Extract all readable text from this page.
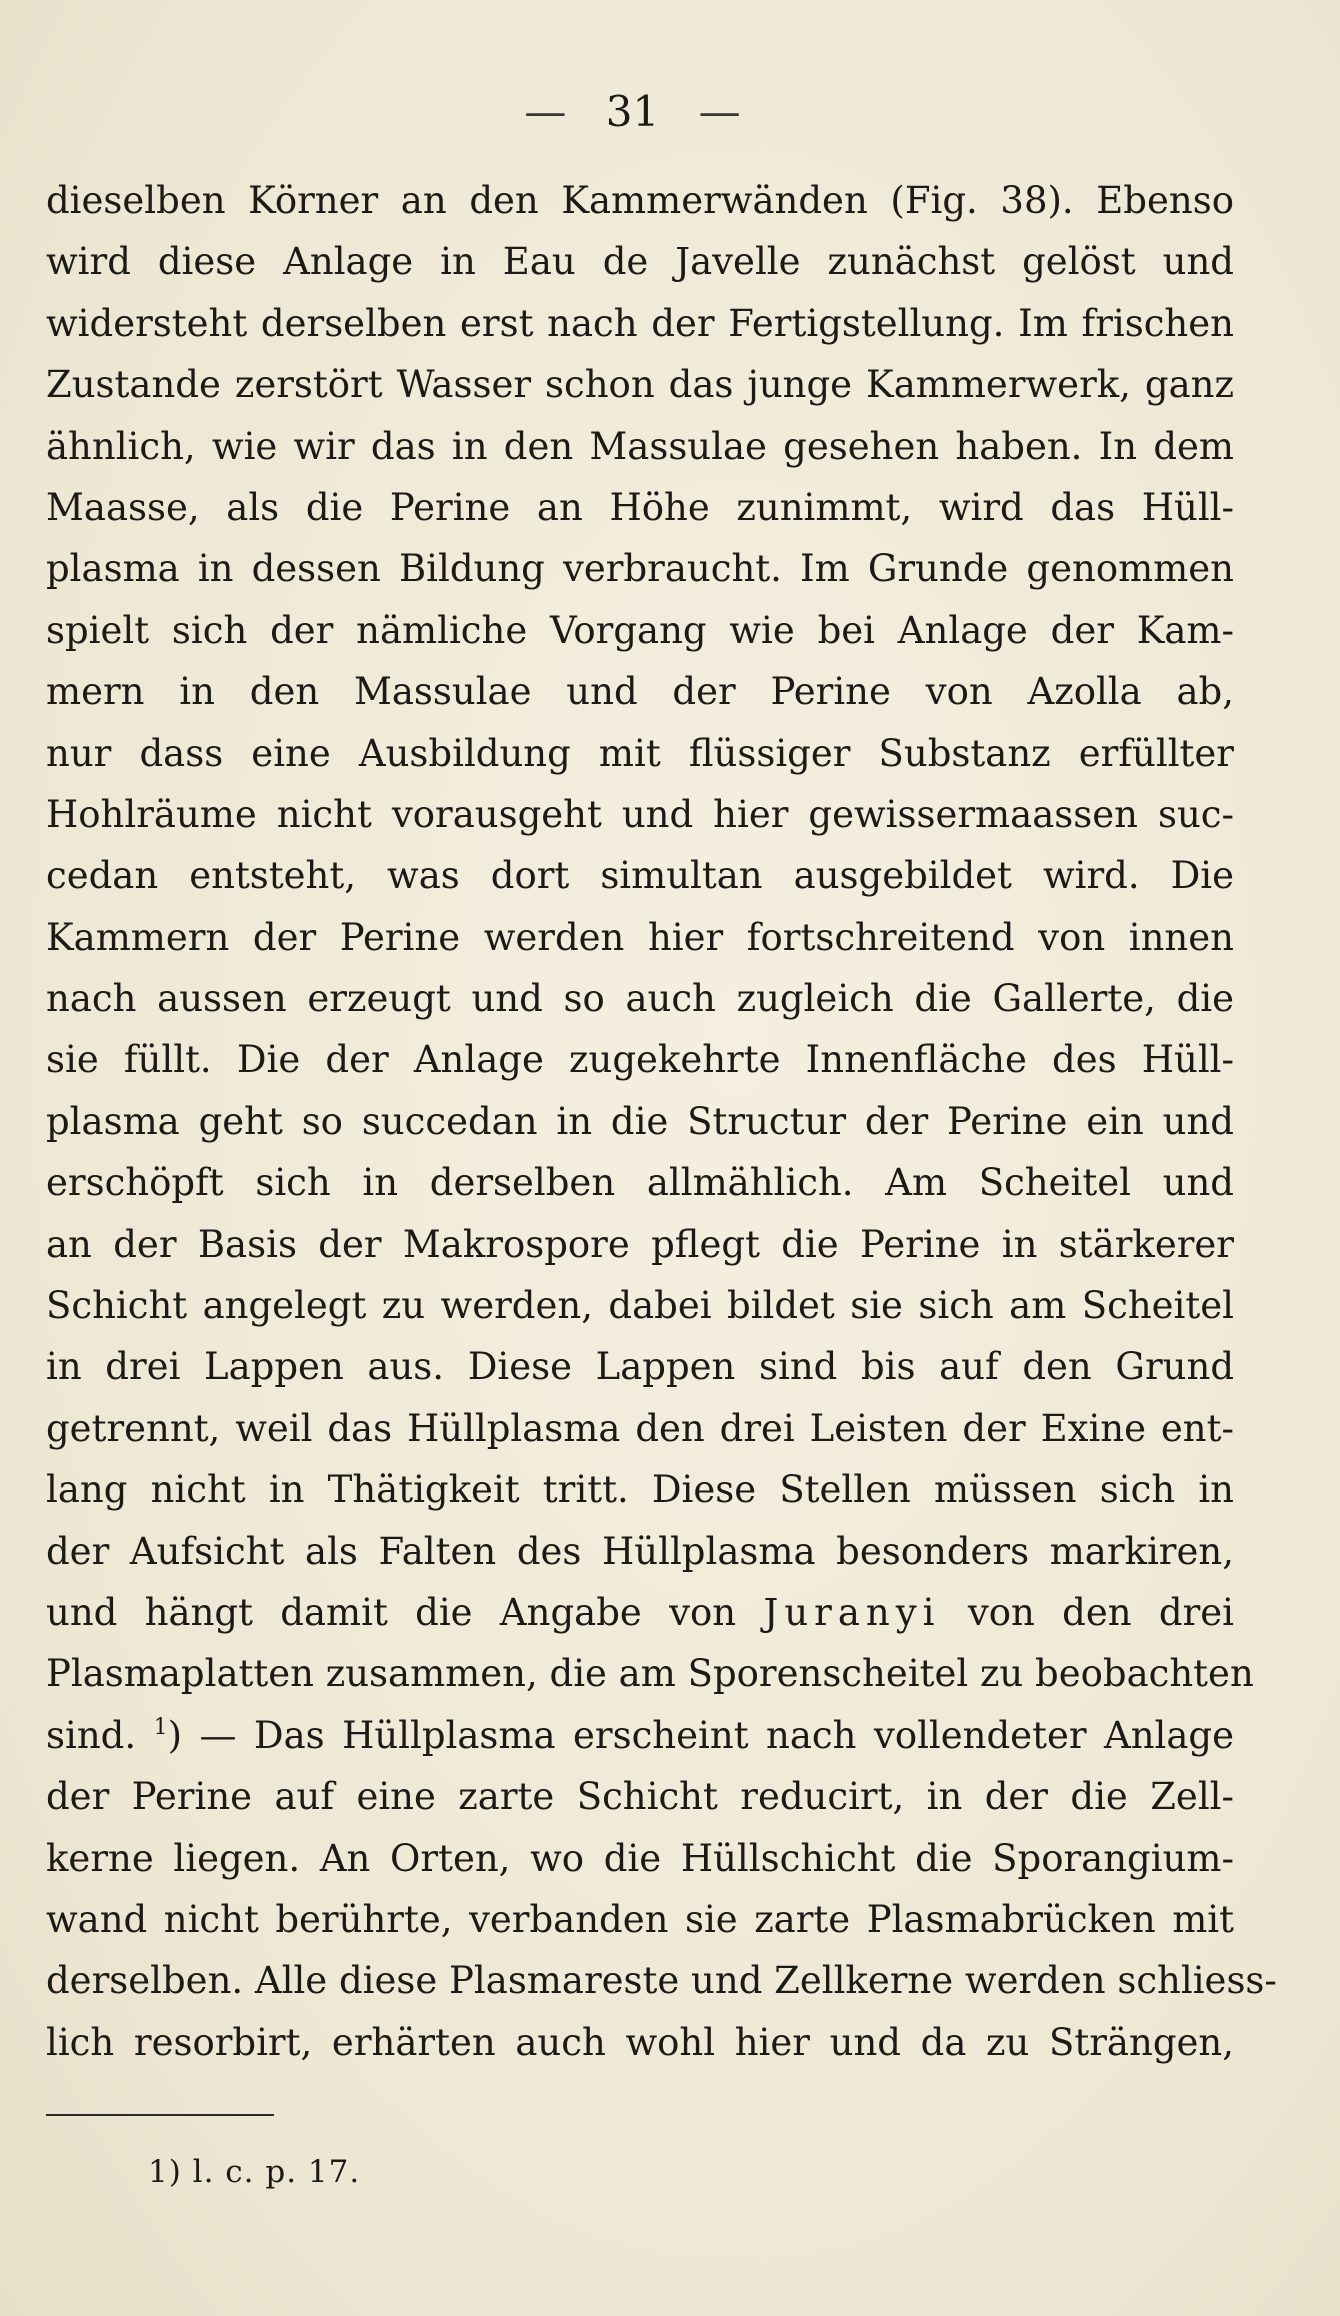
— 31 —
dieselben Körner an den Kammerwänden (Fig. 38). Ebenso
wird diese Anlage in Eau de Javelle zunächst gelöst und
widersteht derselben erst nach der Fertigstellung. Im frischen
Zustande zerstört Wasser schon das junge Kammerwerk, ganz
ähnlich, wie wir das in den Massulae gesehen haben. In dem
Maasse, als die Perine an Höhe zunimmt, wird das Hüll-
plasma in dessen Bildung verbraucht. Im Grunde genommen
spielt sich der nämliche Vorgang wie bei Anlage der Kam-
mern in den Massulae und der Perine von Azolla ab,
nur dass eine Ausbildung mit flüssiger Substanz erfüllter
Hohlräume nicht vorausgeht und hier gewissermaassen suc-
cedan entsteht, was dort simultan ausgebildet wird. Die
Kammern der Perine werden hier fortschreitend von innen
nach aussen erzeugt und so auch zugleich die Gallerte, die
sie füllt. Die der Anlage zugekehrte Innenfläche des Hüll-
plasma geht so succedan in die Structur der Perine ein und
erschöpft sich in derselben allmählich. Am Scheitel und
an der Basis der Makrospore pflegt die Perine in stärkerer
Schicht angelegt zu werden, dabei bildet sie sich am Scheitel
in drei Lappen aus. Diese Lappen sind bis auf den Grund
getrennt, weil das Hüllplasma den drei Leisten der Exine ent-
lang nicht in Thätigkeit tritt. Diese Stellen müssen sich in
der Aufsicht als Falten des Hüllplasma besonders markiren,
und hängt damit die Angabe von Juranyi von den drei
Plasmaplatten zusammen, die am Sporenscheitel zu beobachten
sind. $^1$) — Das Hüllplasma erscheint nach vollendeter Anlage
der Perine auf eine zarte Schicht reducirt, in der die Zell-
kerne liegen. An Orten, wo die Hüllschicht die Sporangium-
wand nicht berührte, verbanden sie zarte Plasmabrücken mit
derselben. Alle diese Plasmareste und Zellkerne werden schliess-
lich resorbirt, erhärten auch wohl hier und da zu Strängen,
1) l. c. p. 17.
